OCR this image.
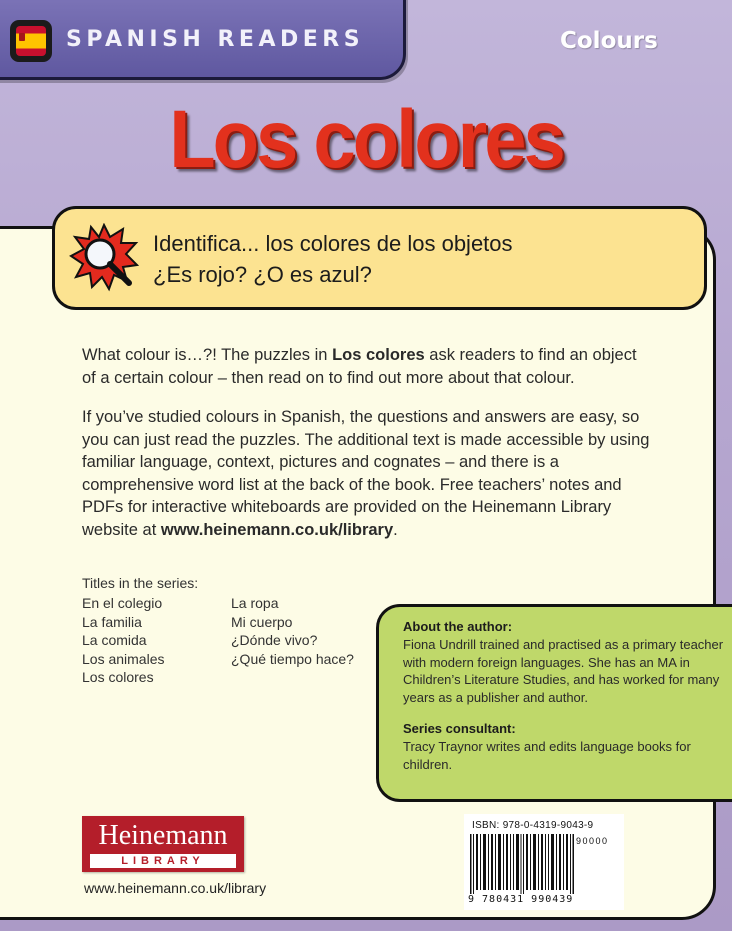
SPANISH READERS	Colours
Los colores
Identifica... los colores de los objetos
¿Es rojo? ¿O es azul?
What colour is…?! The puzzles in Los colores ask readers to find an object of a certain colour – then read on to find out more about that colour.
If you’ve studied colours in Spanish, the questions and answers are easy, so you can just read the puzzles. The additional text is made accessible by using familiar language, context, pictures and cognates – and there is a comprehensive word list at the back of the book. Free teachers’ notes and PDFs for interactive whiteboards are provided on the Heinemann Library website at www.heinemann.co.uk/library.
Titles in the series:
En el colegio
La familia
La comida
Los animales
Los colores
La ropa
Mi cuerpo
¿Dónde vivo?
¿Qué tiempo hace?
About the author:
Fiona Undrill trained and practised as a primary teacher with modern foreign languages. She has an MA in Children’s Literature Studies, and has worked for many years as a publisher and author.
Series consultant:
Tracy Traynor writes and edits language books for children.
Heinemann
LIBRARY
www.heinemann.co.uk/library
ISBN: 978-0-4319-9043-9
90000
9 780431 990439
